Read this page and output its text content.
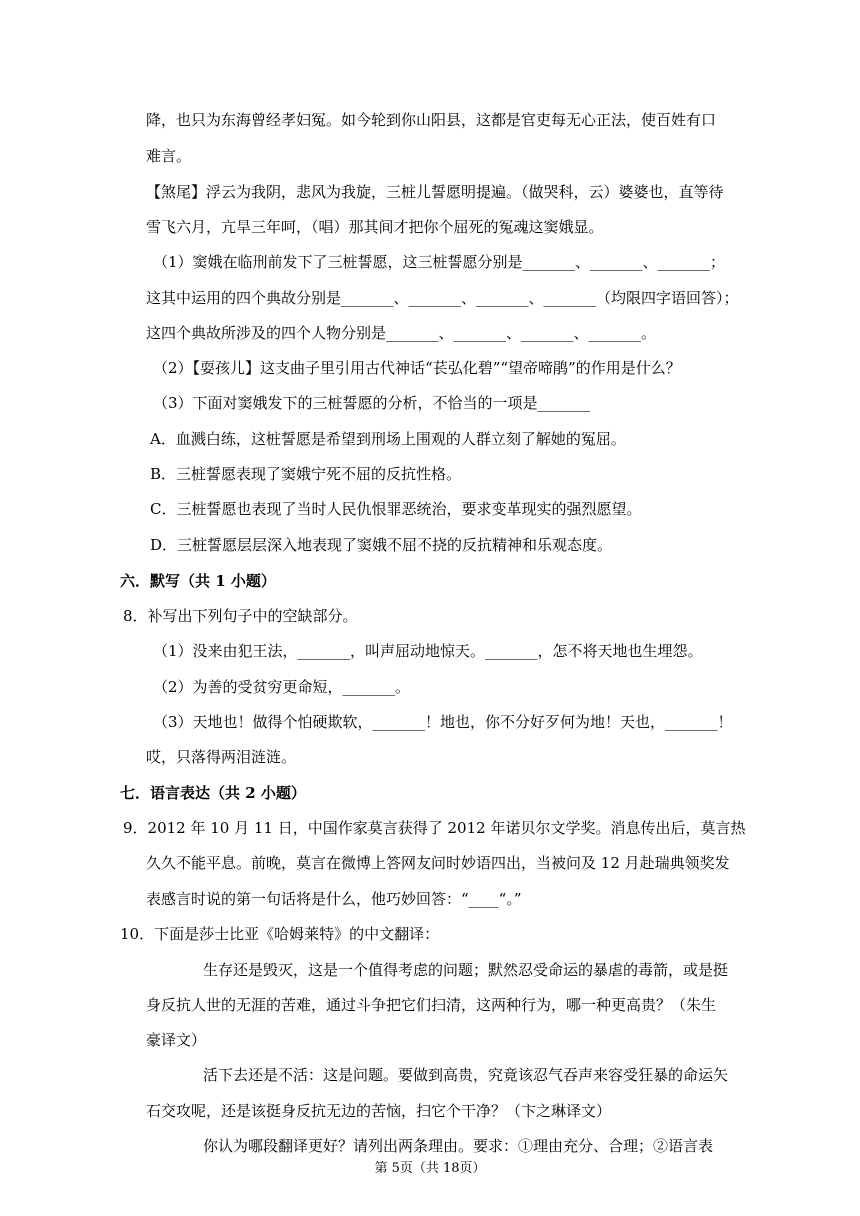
降，也只为东海曾经孝妇冤。如今轮到你山阳县，这都是官吏每无心正法，使百姓有口
难言。
【煞尾】浮云为我阴，悲风为我旋，三桩儿誓愿明提遍。（做哭科，云）婆婆也，直等待
雪飞六月，亢旱三年呵，（唱）那其间才把你个屈死的冤魂这窦娥显。
（1）窦娥在临刑前发下了三桩誓愿，这三桩誓愿分别是_______、_______、_______；
这其中运用的四个典故分别是_______、_______、_______、_______（均限四字语回答）；
这四个典故所涉及的四个人物分别是_______、_______、_______、_______。
（2）【耍孩儿】这支曲子里引用古代神话“苌弘化碧”“望帝啼鹃”的作用是什么？
（3）下面对窦娥发下的三桩誓愿的分析，不恰当的一项是_______
A．血溅白练，这桩誓愿是希望到刑场上围观的人群立刻了解她的冤屈。
B．三桩誓愿表现了窦娥宁死不屈的反抗性格。
C．三桩誓愿也表现了当时人民仇恨罪恶统治，要求变革现实的强烈愿望。
D．三桩誓愿层层深入地表现了窦娥不屈不挠的反抗精神和乐观态度。
六．默写（共 1 小题）
8．补写出下列句子中的空缺部分。
（1）没来由犯王法，_______，叫声屈动地惊天。_______，怎不将天地也生埋怨。
（2）为善的受贫穷更命短，_______。
（3）天地也！做得个怕硬欺软，_______！地也，你不分好歹何为地！天也，_______！
哎，只落得两泪涟涟。
七．语言表达（共 2 小题）
9．2012 年 10 月 11 日，中国作家莫言获得了 2012 年诺贝尔文学奖。消息传出后，莫言热
久久不能平息。前晚，莫言在微博上答网友问时妙语四出，当被问及 12 月赴瑞典领奖发
表感言时说的第一句话将是什么，他巧妙回答：“____“。”
10．下面是莎士比亚《哈姆莱特》的中文翻译：
生存还是毁灭，这是一个值得考虑的问题；默然忍受命运的暴虐的毒箭，或是挺
身反抗人世的无涯的苦难，通过斗争把它们扫清，这两种行为，哪一种更高贵？（朱生
豪译文）
活下去还是不活：这是问题。要做到高贵，究竟该忍气吞声来容受狂暴的命运矢
石交攻呢，还是该挺身反抗无边的苦恼，扫它个干净？（卞之琳译文）
你认为哪段翻译更好？请列出两条理由。要求：①理由充分、合理；②语言表
第 5页（共 18页）
